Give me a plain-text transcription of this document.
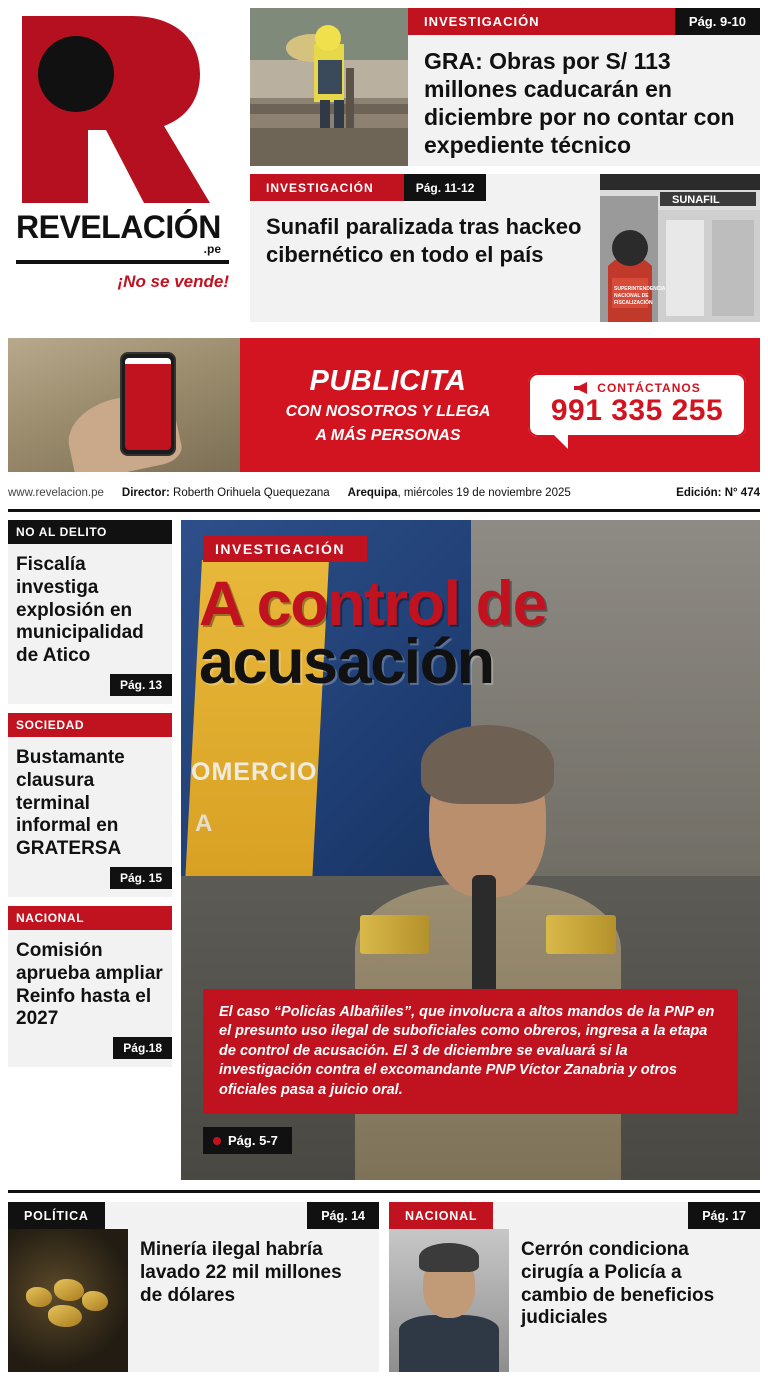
REVELACIÓN
.pe
¡No se vende!
INVESTIGACIÓN	Pág. 9-10
GRA: Obras por S/ 113 millones caducarán en diciembre por no contar con expediente técnico
INVESTIGACIÓN	Pág. 11-12
Sunafil paralizada tras hackeo cibernético en todo el país
SUNAFIL
SUPERINTENDENCIA
NACIONAL DE
FISCALIZACIÓN
PUBLICITA
CON NOSOTROS Y LLEGA
A MÁS PERSONAS
CONTÁCTANOS
991 335 255
www.revelacion.pe Director:
Roberth Orihuela Quequezana Arequipa , miércoles 19 de noviembre 2025	Edición: N° 474
NO AL DELITO
Fiscalía investiga explosión en municipalidad de Atico
Pág. 13
SOCIEDAD
Bustamante clausura terminal informal en GRATERSA
Pág. 15
NACIONAL
Comisión aprueba ampliar Reinfo hasta el 2027
Pág.18
OMERCIO
A
INVESTIGACIÓN
A control de
acusación
El caso “Policías Albañiles”, que involucra a altos mandos de la PNP en el presunto uso ilegal de suboficiales como obreros, ingresa a la etapa de control de acusación. El 3 de diciembre se evaluará si la investigación contra el excomandante PNP Víctor Zanabria y otros oficiales pasa a juicio oral.
Pág. 5-7
POLÍTICA	Pág. 14
Minería ilegal habría lavado 22 mil millones de dólares
NACIONAL	Pág. 17
Cerrón condiciona cirugía a Policía a cambio de beneficios judiciales
